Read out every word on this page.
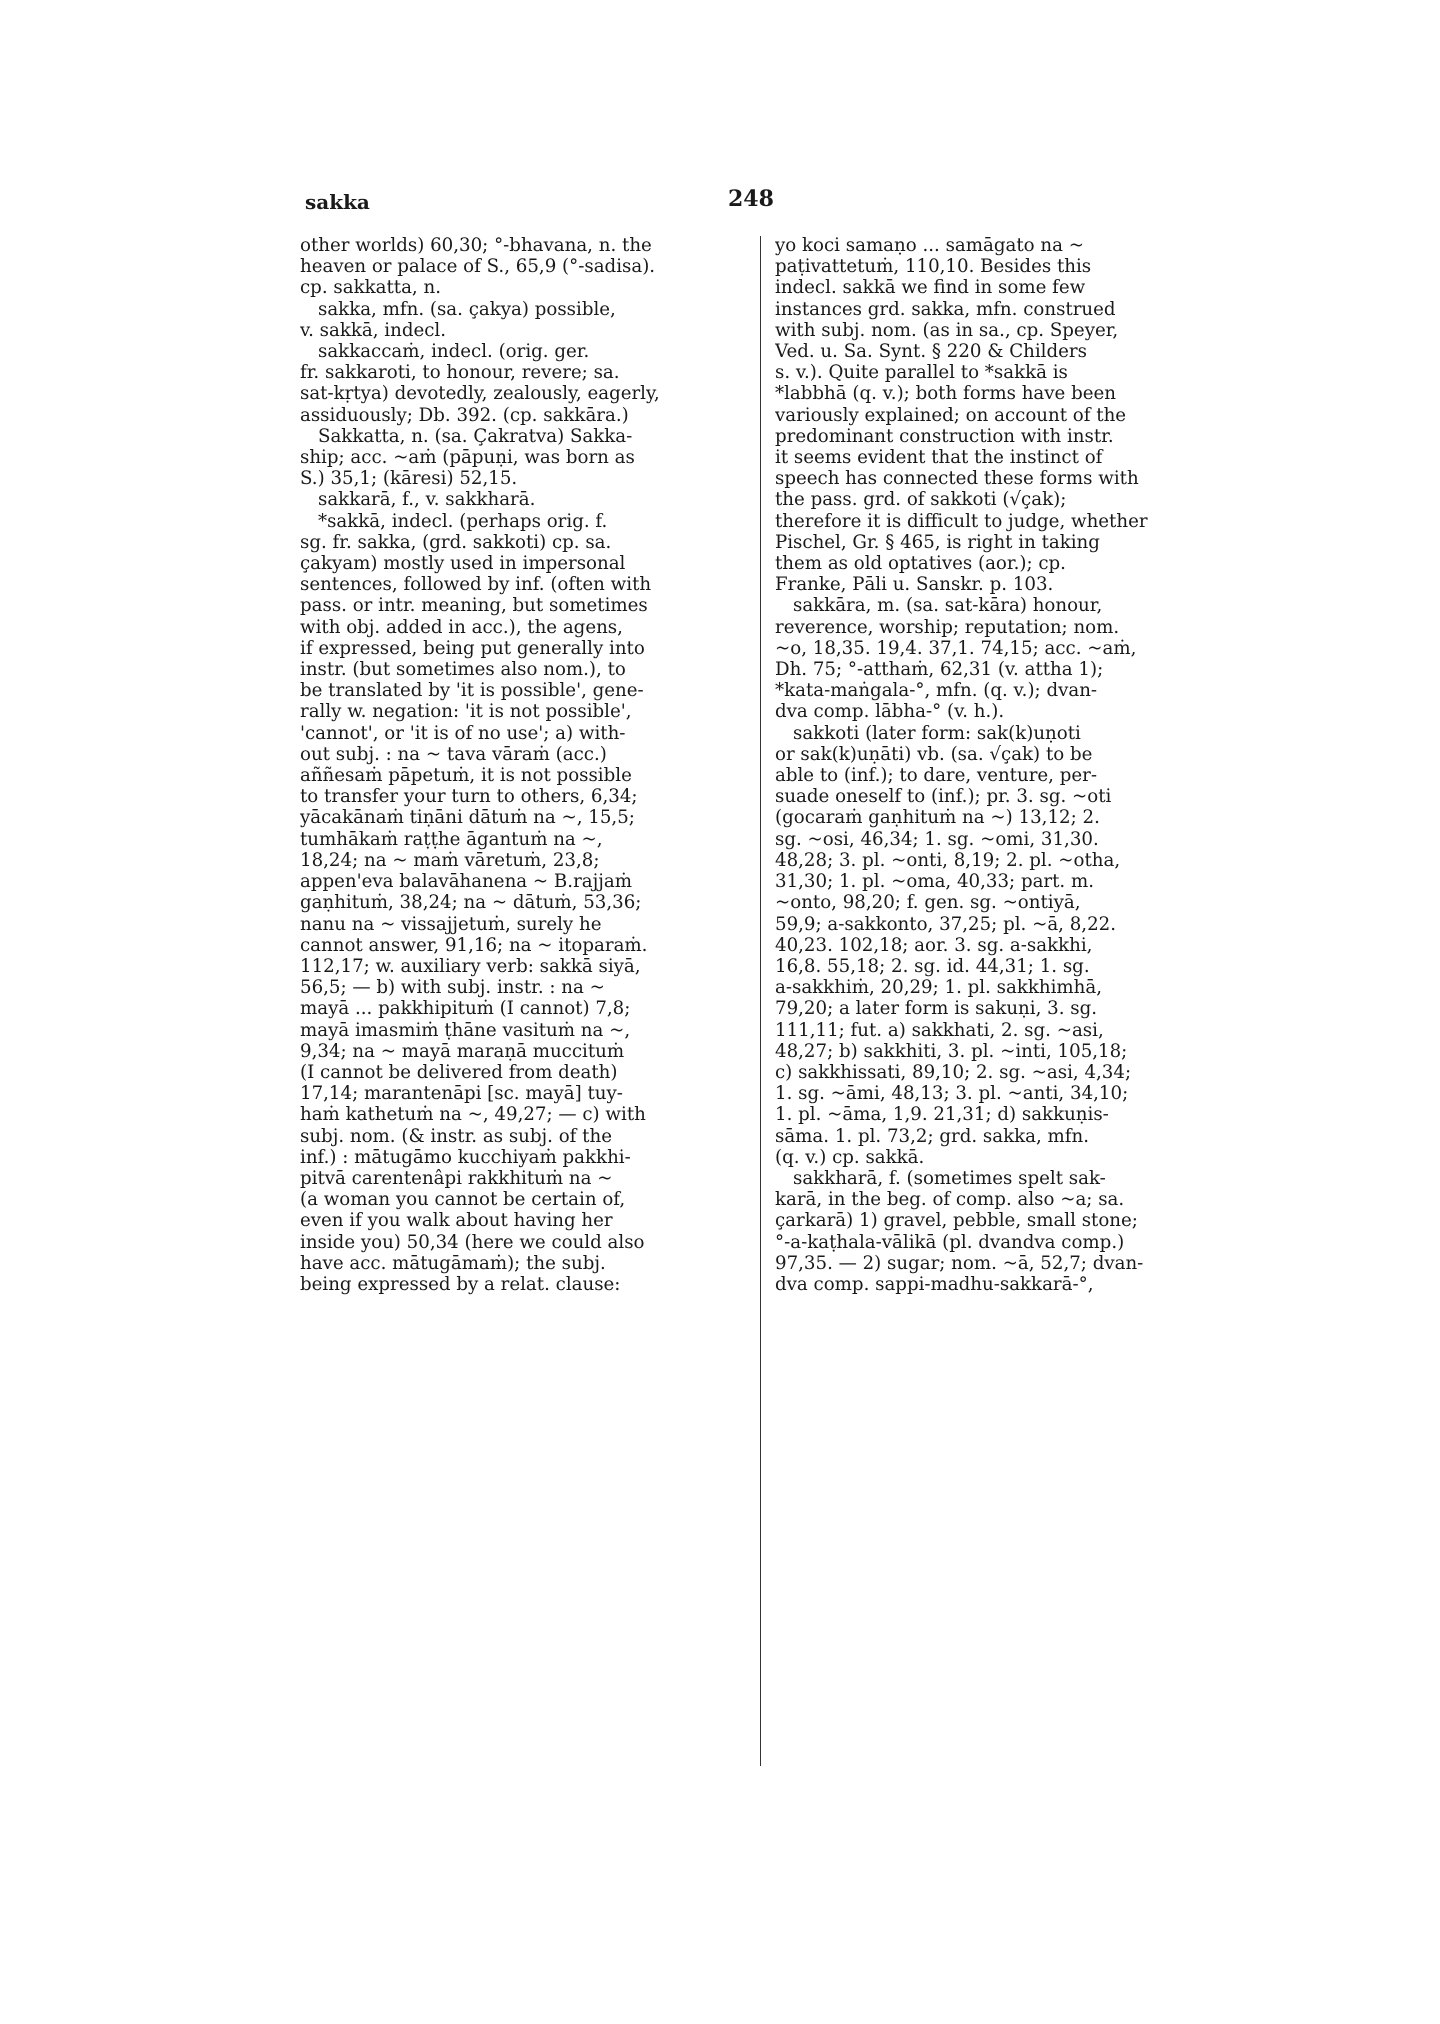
sakka	248
other worlds) 60,30; °-bhavana, n. the
heaven or palace of S., 65,9 (°-sadisa).
cp. sakkatta, n.
sakka, mfn. (sa. çakya) possible,
v. sakkā, indecl.
sakkaccaṁ, indecl. (orig. ger.
fr. sakkaroti, to honour, revere; sa.
sat-kṛtya) devotedly, zealously, eagerly,
assiduously; Db. 392. (cp. sakkāra.)
Sakkatta, n. (sa. Çakratva) Sakka-
ship; acc. ~aṁ (pāpuṇi, was born as
S.) 35,1; (kāresi) 52,15.
sakkarā, f., v. sakkharā.
*sakkā, indecl. (perhaps orig. f.
sg. fr. sakka, (grd. sakkoti) cp. sa.
çakyam) mostly used in impersonal
sentences, followed by inf. (often with
pass. or intr. meaning, but sometimes
with obj. added in acc.), the agens,
if expressed, being put generally into
instr. (but sometimes also nom.), to
be translated by 'it is possible', gene-
rally w. negation: 'it is not possible',
'cannot', or 'it is of no use'; a) with-
out subj. : na ~ tava vāraṁ (acc.)
aññesaṁ pāpetuṁ, it is not possible
to transfer your turn to others, 6,34;
yācakānaṁ tiṇāni dātuṁ na ~, 15,5;
tumhākaṁ raṭṭhe āgantuṁ na ~,
18,24; na ~ maṁ vāretuṁ, 23,8;
appen'eva balavāhanena ~ B.rajjaṁ
gaṇhituṁ, 38,24; na ~ dātuṁ, 53,36;
nanu na ~ vissajjetuṁ, surely he
cannot answer, 91,16; na ~ itoparaṁ.
112,17; w. auxiliary verb: sakkā siyā,
56,5; — b) with subj. instr. : na ~
mayā ... pakkhipituṁ (I cannot) 7,8;
mayā imasmiṁ ṭhāne vasituṁ na ~,
9,34; na ~ mayā maraṇā muccituṁ
(I cannot be delivered from death)
17,14; marantenāpi [sc. mayā] tuy-
haṁ kathetuṁ na ~, 49,27; — c) with
subj. nom. (& instr. as subj. of the
inf.) : mātugāmo kucchiyaṁ pakkhi-
pitvā carentenâpi rakkhituṁ na ~
(a woman you cannot be certain of,
even if you walk about having her
inside you) 50,34 (here we could also
have acc. mātugāmaṁ); the subj.
being expressed by a relat. clause:
yo koci samaṇo ... samāgato na ~
paṭivattetuṁ, 110,10. Besides this
indecl. sakkā we find in some few
instances grd. sakka, mfn. construed
with subj. nom. (as in sa., cp. Speyer,
Ved. u. Sa. Synt. § 220 & Childers
s. v.). Quite parallel to *sakkā is
*labbhā (q. v.); both forms have been
variously explained; on account of the
predominant construction with instr.
it seems evident that the instinct of
speech has connected these forms with
the pass. grd. of sakkoti (√çak);
therefore it is difficult to judge, whether
Pischel, Gr. § 465, is right in taking
them as old optatives (aor.); cp.
Franke, Pāli u. Sanskr. p. 103.
sakkāra, m. (sa. sat-kāra) honour,
reverence, worship; reputation; nom.
~o, 18,35. 19,4. 37,1. 74,15; acc. ~aṁ,
Dh. 75; °-atthaṁ, 62,31 (v. attha 1);
*kata-maṅgala-°, mfn. (q. v.); dvan-
dva comp. lābha-° (v. h.).
sakkoti (later form: sak(k)uṇoti
or sak(k)uṇāti) vb. (sa. √çak) to be
able to (inf.); to dare, venture, per-
suade oneself to (inf.); pr. 3. sg. ~oti
(gocaraṁ gaṇhituṁ na ~) 13,12; 2.
sg. ~osi, 46,34; 1. sg. ~omi, 31,30.
48,28; 3. pl. ~onti, 8,19; 2. pl. ~otha,
31,30; 1. pl. ~oma, 40,33; part. m.
~onto, 98,20; f. gen. sg. ~ontiyā,
59,9; a-sakkonto, 37,25; pl. ~ā, 8,22.
40,23. 102,18; aor. 3. sg. a-sakkhi,
16,8. 55,18; 2. sg. id. 44,31; 1. sg.
a-sakkhiṁ, 20,29; 1. pl. sakkhimhā,
79,20; a later form is sakuṇi, 3. sg.
111,11; fut. a) sakkhati, 2. sg. ~asi,
48,27; b) sakkhiti, 3. pl. ~inti, 105,18;
c) sakkhissati, 89,10; 2. sg. ~asi, 4,34;
1. sg. ~āmi, 48,13; 3. pl. ~anti, 34,10;
1. pl. ~āma, 1,9. 21,31; d) sakkuṇis-
sāma. 1. pl. 73,2; grd. sakka, mfn.
(q. v.) cp. sakkā.
sakkharā, f. (sometimes spelt sak-
karā, in the beg. of comp. also ~a; sa.
çarkarā) 1) gravel, pebble, small stone;
°-a-kaṭhala-vālikā (pl. dvandva comp.)
97,35. — 2) sugar; nom. ~ā, 52,7; dvan-
dva comp. sappi-madhu-sakkarā-°,
